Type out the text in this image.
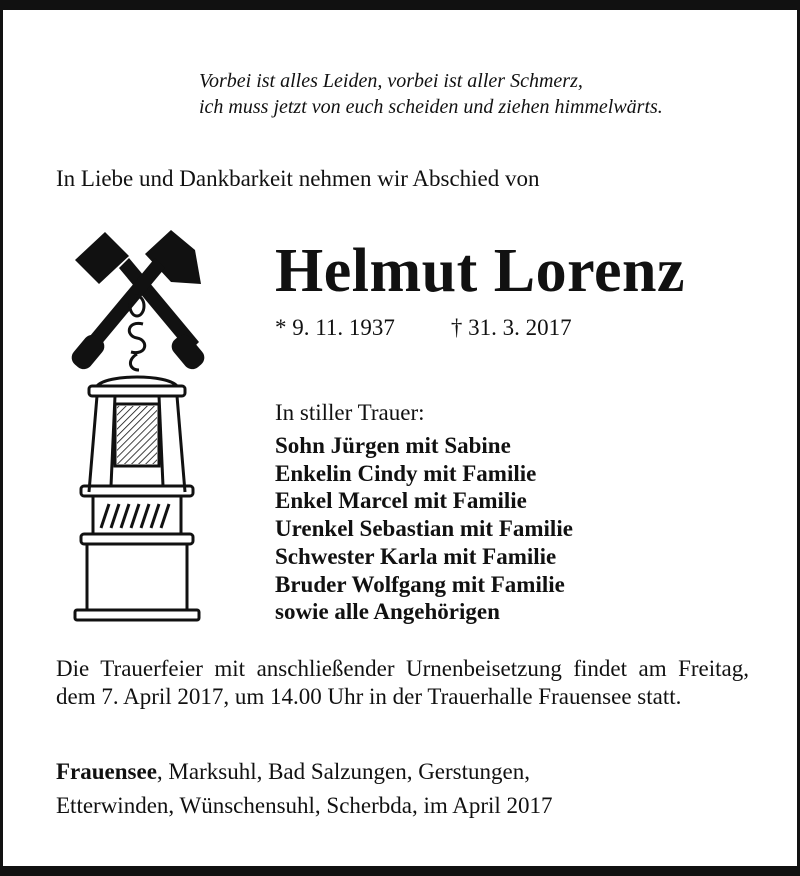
Vorbei ist alles Leiden, vorbei ist aller Schmerz,
ich muss jetzt von euch scheiden und ziehen himmelwärts.
In Liebe und Dankbarkeit nehmen wir Abschied von
Helmut Lorenz
* 9. 11. 1937 † 31. 3. 2017
In stiller Trauer:
Sohn Jürgen mit Sabine
Enkelin Cindy mit Familie
Enkel Marcel mit Familie
Urenkel Sebastian mit Familie
Schwester Karla mit Familie
Bruder Wolfgang mit Familie
sowie alle Angehörigen
Die Trauerfeier mit anschließender Urnenbeisetzung findet am Freitag, dem 7. April 2017, um 14.00 Uhr in der Trauerhalle Frauensee statt.
Frauensee, Marksuhl, Bad Salzungen, Gerstungen,
Etterwinden, Wünschensuhl, Scherbda, im April 2017
